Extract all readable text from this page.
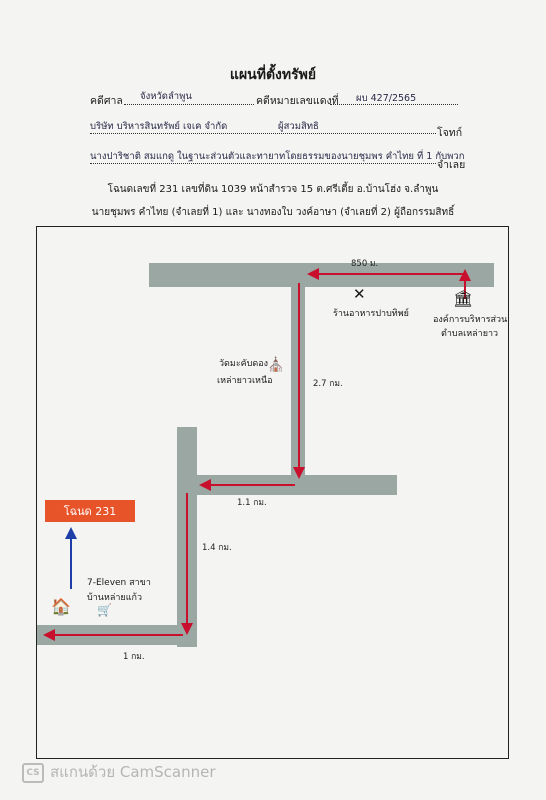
แผนที่ตั้งทรัพย์
คดีศาล จังหวัดลำพูน	คดีหมายเลขแดงที่ ผบ 427/2565
บริษัท บริหารสินทรัพย์ เจเค จำกัด	ผู้สวมสิทธิ
โจทก์
นางปาริชาติ สมแกดู ในฐานะส่วนตัวและทายาทโดยธรรมของนายชุมพร คำไทย ที่ 1 กับพวก
จำเลย
โฉนดเลขที่ 231 เลขที่ดิน 1039 หน้าสำรวจ 15 ต.ศรีเตี้ย อ.บ้านโฮ่ง จ.ลำพูน
นายชุมพร คำไทย (จำเลยที่ 1) และ นางทองใบ วงค์อาษา (จำเลยที่ 2) ผู้ถือกรรมสิทธิ์
850 ม.
2.7 กม.
1.1 กม.
1.4 กม.
1 กม.
🏛
องค์การบริหารส่วน
ตำบลเหล่ายาว
✕
ร้านอาหารปาบทิพย์
⛪
วัดมะคับดอง
เหล่ายาวเหนือ
โฉนด 231
7-Eleven สาขา
บ้านหล่ายแก้ว
🏠 🛒
CS สแกนด้วย CamScanner
